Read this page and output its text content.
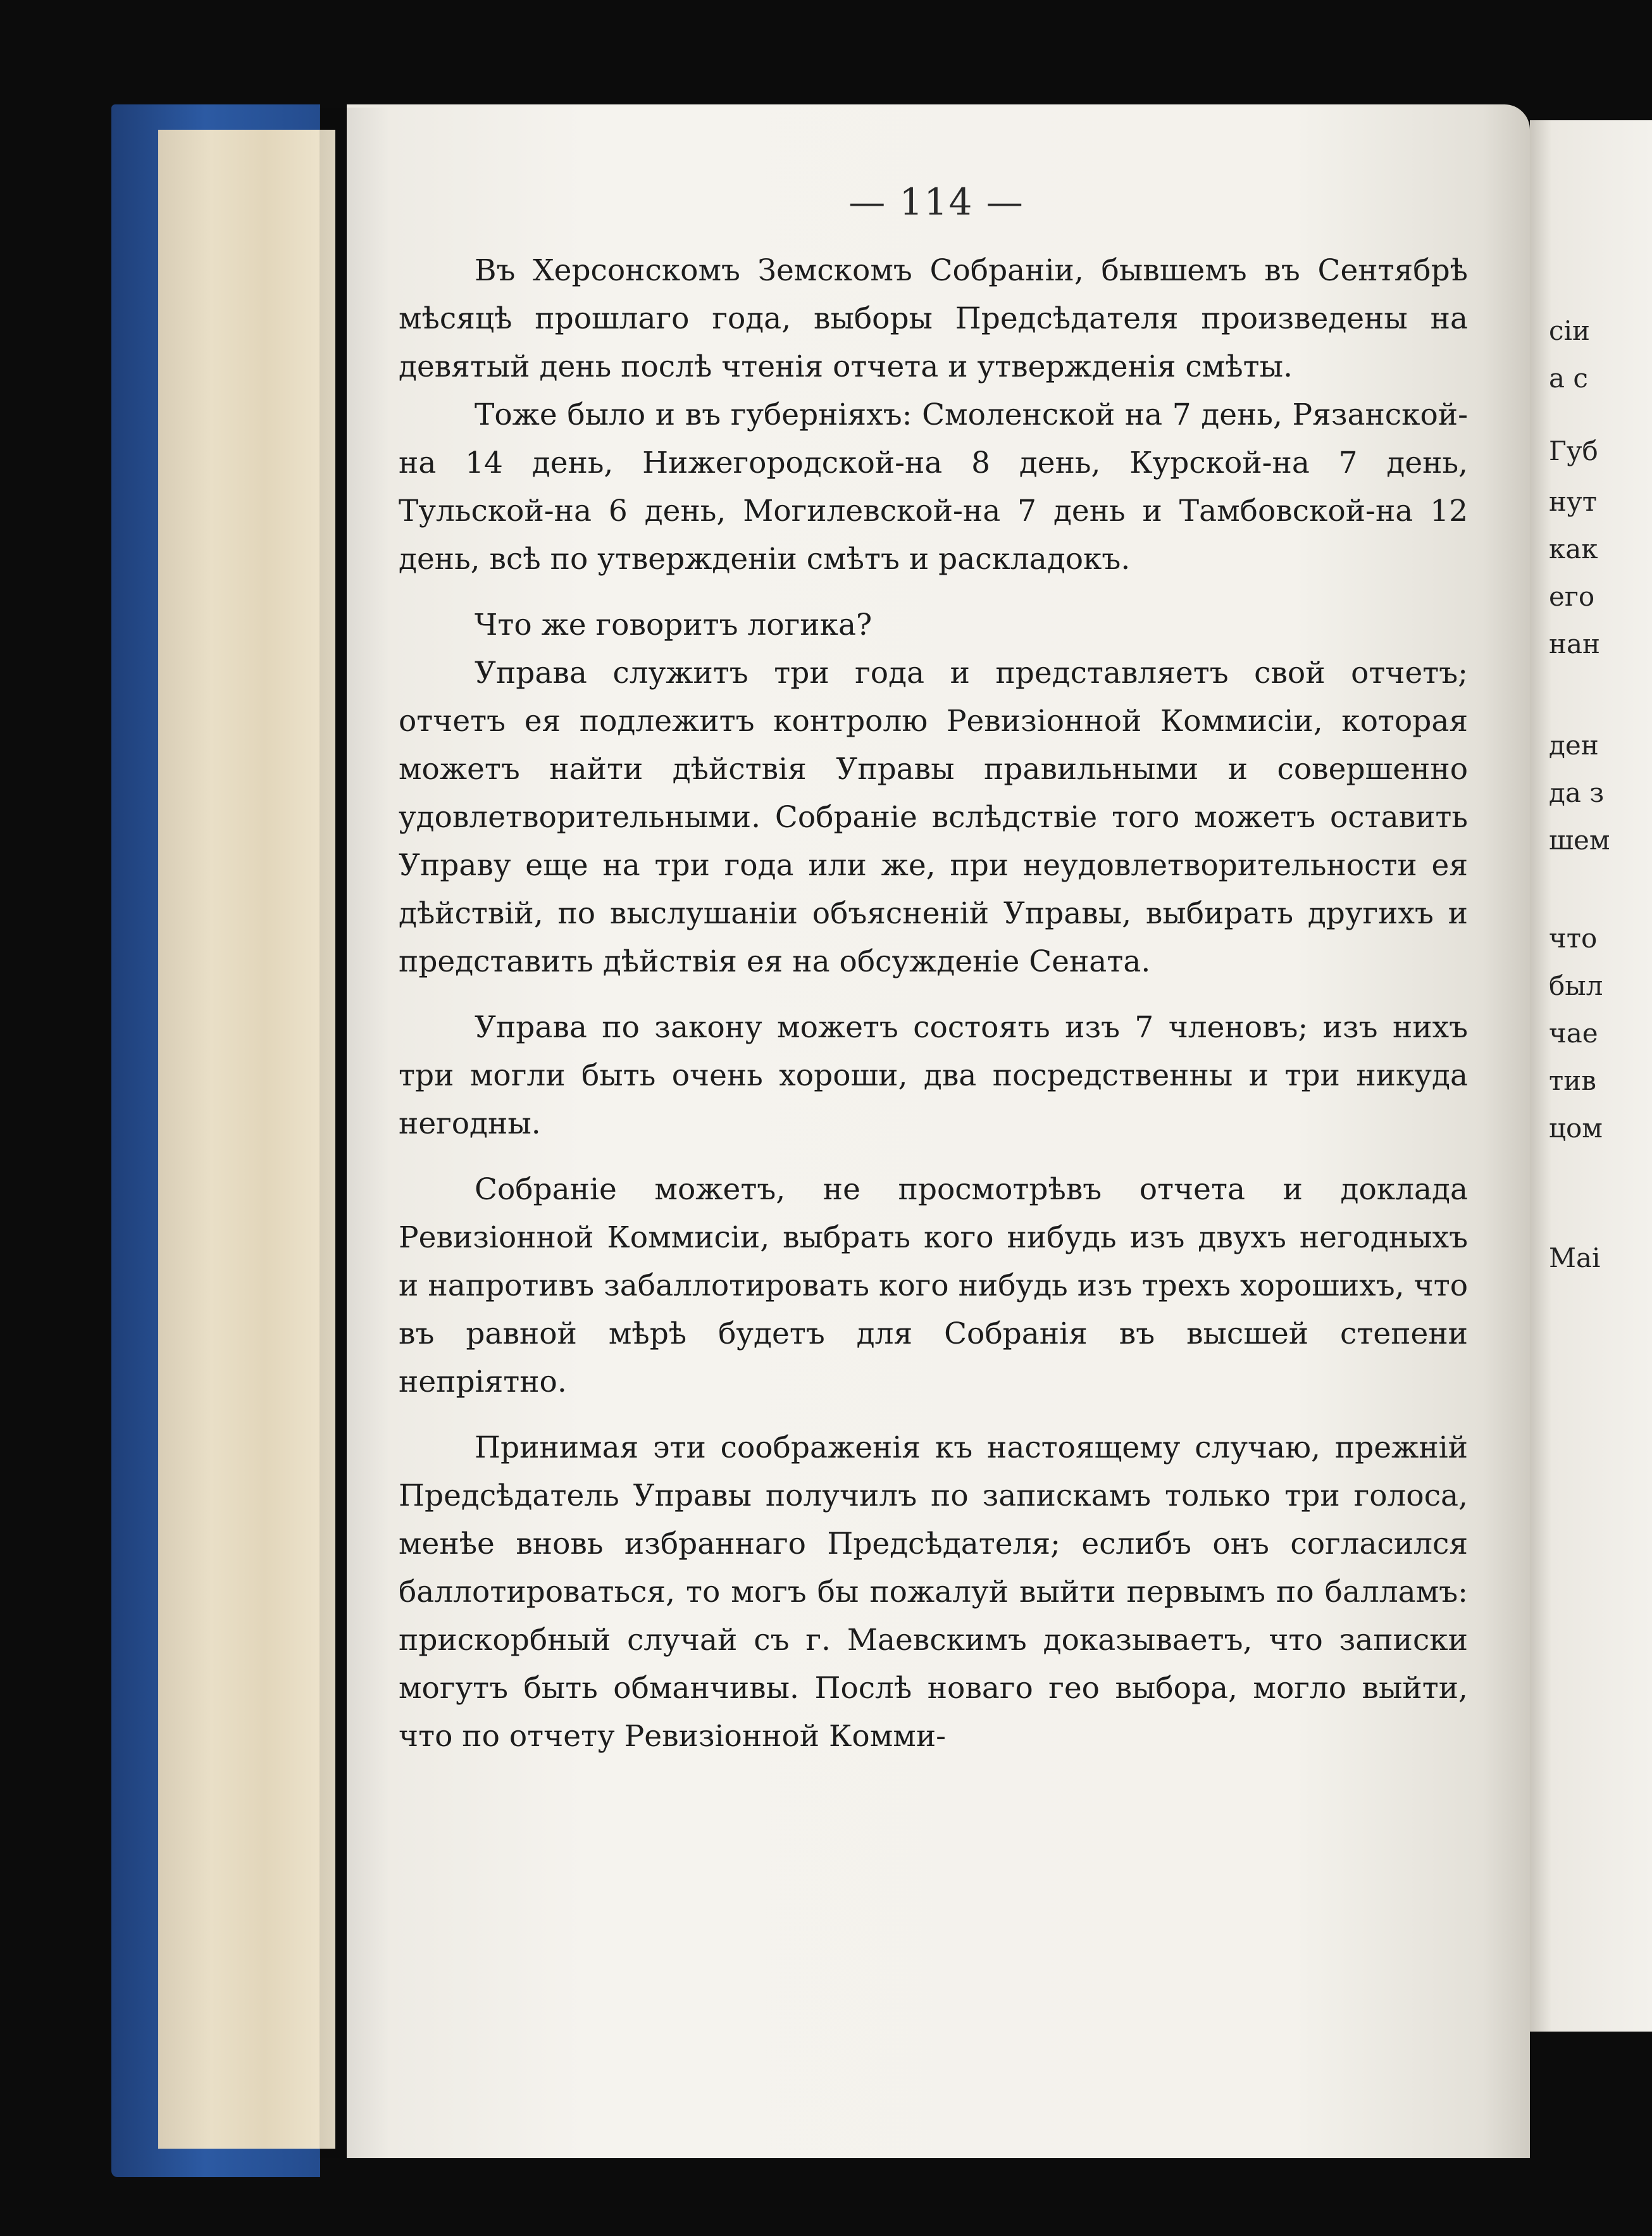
сіи
а с
Губ
нут
как
его
нан
ден
да з
шем
что
был
чае
тив
цом
Маі
— 114 —

Въ Херсонскомъ Земскомъ Собраніи, бывшемъ въ Сентябрѣ мѣсяцѣ прошлаго года, выборы Предсѣдателя произведены на девятый день послѣ чтенія отчета и утвержденія смѣты.

Тоже было и въ губерніяхъ: Смоленской на 7 день, Рязанской-на 14 день, Нижегородской-на 8 день, Курской-на 7 день, Тульской-на 6 день, Могилевской-на 7 день и Тамбовской-на 12 день, всѣ по утвержденіи смѣтъ и раскладокъ.

Что же говоритъ логика?

Управа служитъ три года и представляетъ свой отчетъ; отчетъ ея подлежитъ контролю Ревизіонной Коммисіи, которая можетъ найти дѣйствія Управы правильными и совершенно удовлетворительными. Собраніе вслѣдствіе того можетъ оставить Управу еще на три года или же, при неудовлетворительности ея дѣйствій, по выслушаніи объясненій Управы, выбирать другихъ и представить дѣйствія ея на обсужденіе Сената.

Управа по закону можетъ состоять изъ 7 членовъ; изъ нихъ три могли быть очень хороши, два посредственны и три никуда негодны.

Собраніе можетъ, не просмотрѣвъ отчета и доклада Ревизіонной Коммисіи, выбрать кого нибудь изъ двухъ негодныхъ и напротивъ забаллотировать кого нибудь изъ трехъ хорошихъ, что въ равной мѣрѣ будетъ для Собранія въ высшей степени непріятно.

Принимая эти соображенія къ настоящему случаю, прежній Предсѣдатель Управы получилъ по запискамъ только три голоса, менѣе вновь избраннаго Предсѣдателя; еслибъ онъ согласился баллотироваться, то могъ бы пожалуй выйти первымъ по балламъ: прискорбный случай съ г. Маевскимъ доказываетъ, что записки могутъ быть обманчивы. Послѣ новаго гео выбора, могло выйти, что по отчету Ревизіонной Комми-
